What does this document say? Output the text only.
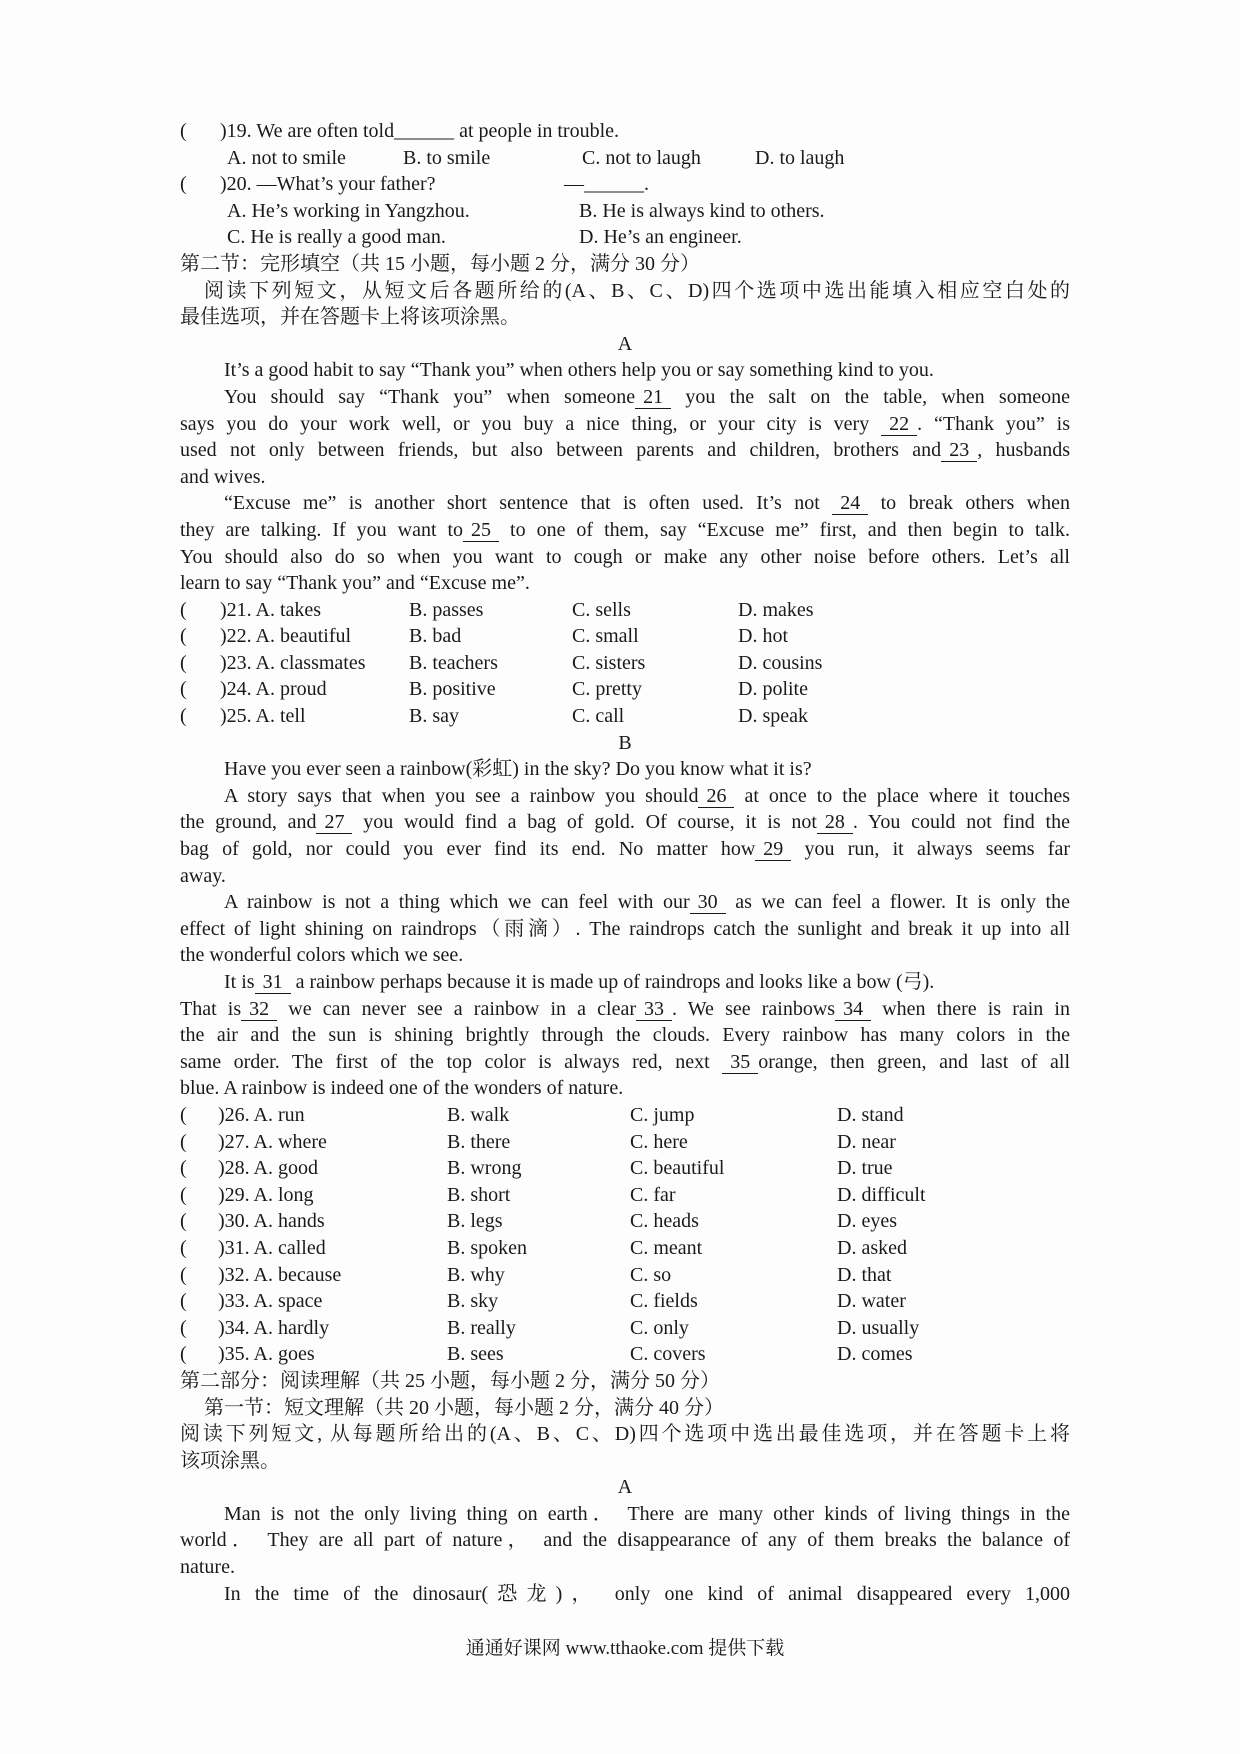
(	)19. We are often told______ at people in trouble.
A. not to smile	B. to smile	C. not to laugh	D. to laugh
(	)20. —What’s your father?	—______.
A. He’s working in Yangzhou.	B. He is always kind to others.
C. He is really a good man.	D. He’s an engineer.
第二节：完形填空（共 15 小题，每小题 2 分，满分 30 分）
阅读下列短文，从短文后各题所给的(A、B、C、D)四个选项中选出能填入相应空白处的
最佳选项，并在答题卡上将该项涂黑。
A
It’s a good habit to say “Thank you” when others help you or say something kind to you.
You should say “Thank you” when someone 21 you the salt on the table, when someone
says you do your work well, or you buy a nice thing, or your city is very 22 . “Thank you” is
used not only between friends, but also between parents and children, brothers and 23 , husbands
and wives.
“Excuse me” is another short sentence that is often used. It’s not 24 to break others when
they are talking. If you want to 25 to one of them, say “Excuse me” first, and then begin to talk.
You should also do so when you want to cough or make any other noise before others. Let’s all
learn to say “Thank you” and “Excuse me”.
(	)21. A. takes	B. passes	C. sells	D. makes
(	)22. A. beautiful	B. bad	C. small	D. hot
(	)23. A. classmates	B. teachers	C. sisters	D. cousins
(	)24. A. proud	B. positive	C. pretty	D. polite
(	)25. A. tell	B. say	C. call	D. speak
B
Have you ever seen a rainbow(彩虹) in the sky? Do you know what it is?
A story says that when you see a rainbow you should 26 at once to the place where it touches
the ground, and 27 you would find a bag of gold. Of course, it is not 28 . You could not find the
bag of gold, nor could you ever find its end. No matter how 29 you run, it always seems far
away.
A rainbow is not a thing which we can feel with our 30 as we can feel a flower. It is only the
effect of light shining on raindrops（雨滴）. The raindrops catch the sunlight and break it up into all
the wonderful colors which we see.
It is 31 a rainbow perhaps because it is made up of raindrops and looks like a bow (弓).
That is 32 we can never see a rainbow in a clear 33 . We see rainbows 34 when there is rain in
the air and the sun is shining brightly through the clouds. Every rainbow has many colors in the
same order. The first of the top color is always red, next 35 orange, then green, and last of all
blue. A rainbow is indeed one of the wonders of nature.
(	)26. A. run	B. walk	C. jump	D. stand
(	)27. A. where	B. there	C. here	D. near
(	)28. A. good	B. wrong	C. beautiful	D. true
(	)29. A. long	B. short	C. far	D. difficult
(	)30. A. hands	B. legs	C. heads	D. eyes
(	)31. A. called	B. spoken	C. meant	D. asked
(	)32. A. because	B. why	C. so	D. that
(	)33. A. space	B. sky	C. fields	D. water
(	)34. A. hardly	B. really	C. only	D. usually
(	)35. A. goes	B. sees	C. covers	D. comes
第二部分：阅读理解（共 25 小题，每小题 2 分，满分 50 分）
第一节：短文理解（共 20 小题，每小题 2 分，满分 40 分）
阅读下列短文, 从每题所给出的(A、B、C、D)四个选项中选出最佳选项，并在答题卡上将
该项涂黑。
A
Man is not the only living thing on earth． There are many other kinds of living things in the
world． They are all part of nature， and the disappearance of any of them breaks the balance of
nature.
In the time of the dinosaur(恐龙)， only one kind of animal disappeared every 1,000
通通好课网 www.tthaoke.com 提供下载
